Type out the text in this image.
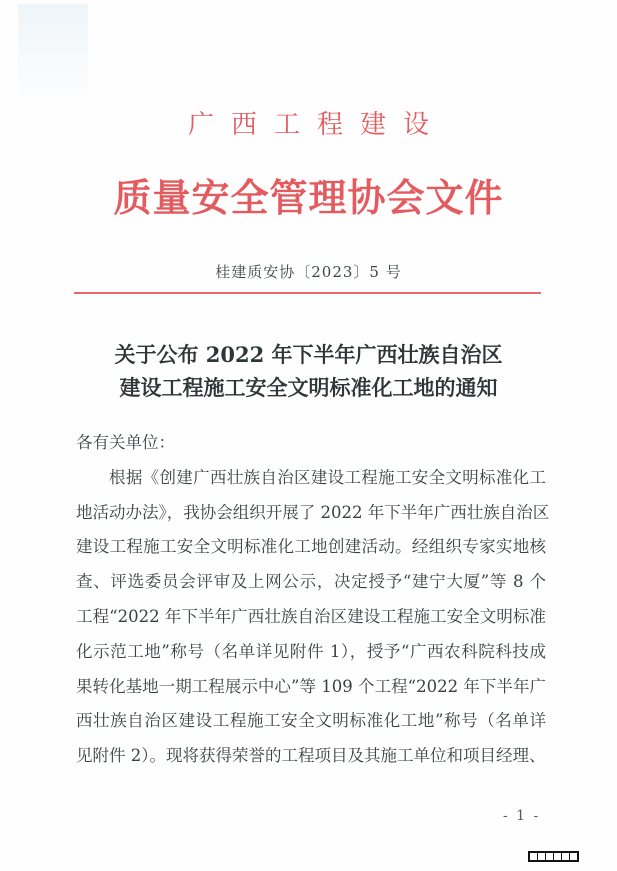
广西工程建设
质量安全管理协会文件
桂建质安协〔2023〕5 号
关于公布 2022 年下半年广西壮族自治区
建设工程施工安全文明标准化工地的通知
各有关单位：
根据《创建广西壮族自治区建设工程施工安全文明标准化工
地活动办法》，我协会组织开展了 2022 年下半年广西壮族自治区
建设工程施工安全文明标准化工地创建活动。经组织专家实地核
查、评选委员会评审及上网公示，决定授予“建宁大厦”等 8 个
工程“2022 年下半年广西壮族自治区建设工程施工安全文明标准
化示范工地”称号（名单详见附件 1），授予“广西农科院科技成
果转化基地一期工程展示中心”等 109 个工程“2022 年下半年广
西壮族自治区建设工程施工安全文明标准化工地”称号（名单详
见附件 2）。现将获得荣誉的工程项目及其施工单位和项目经理、
- 1 -
